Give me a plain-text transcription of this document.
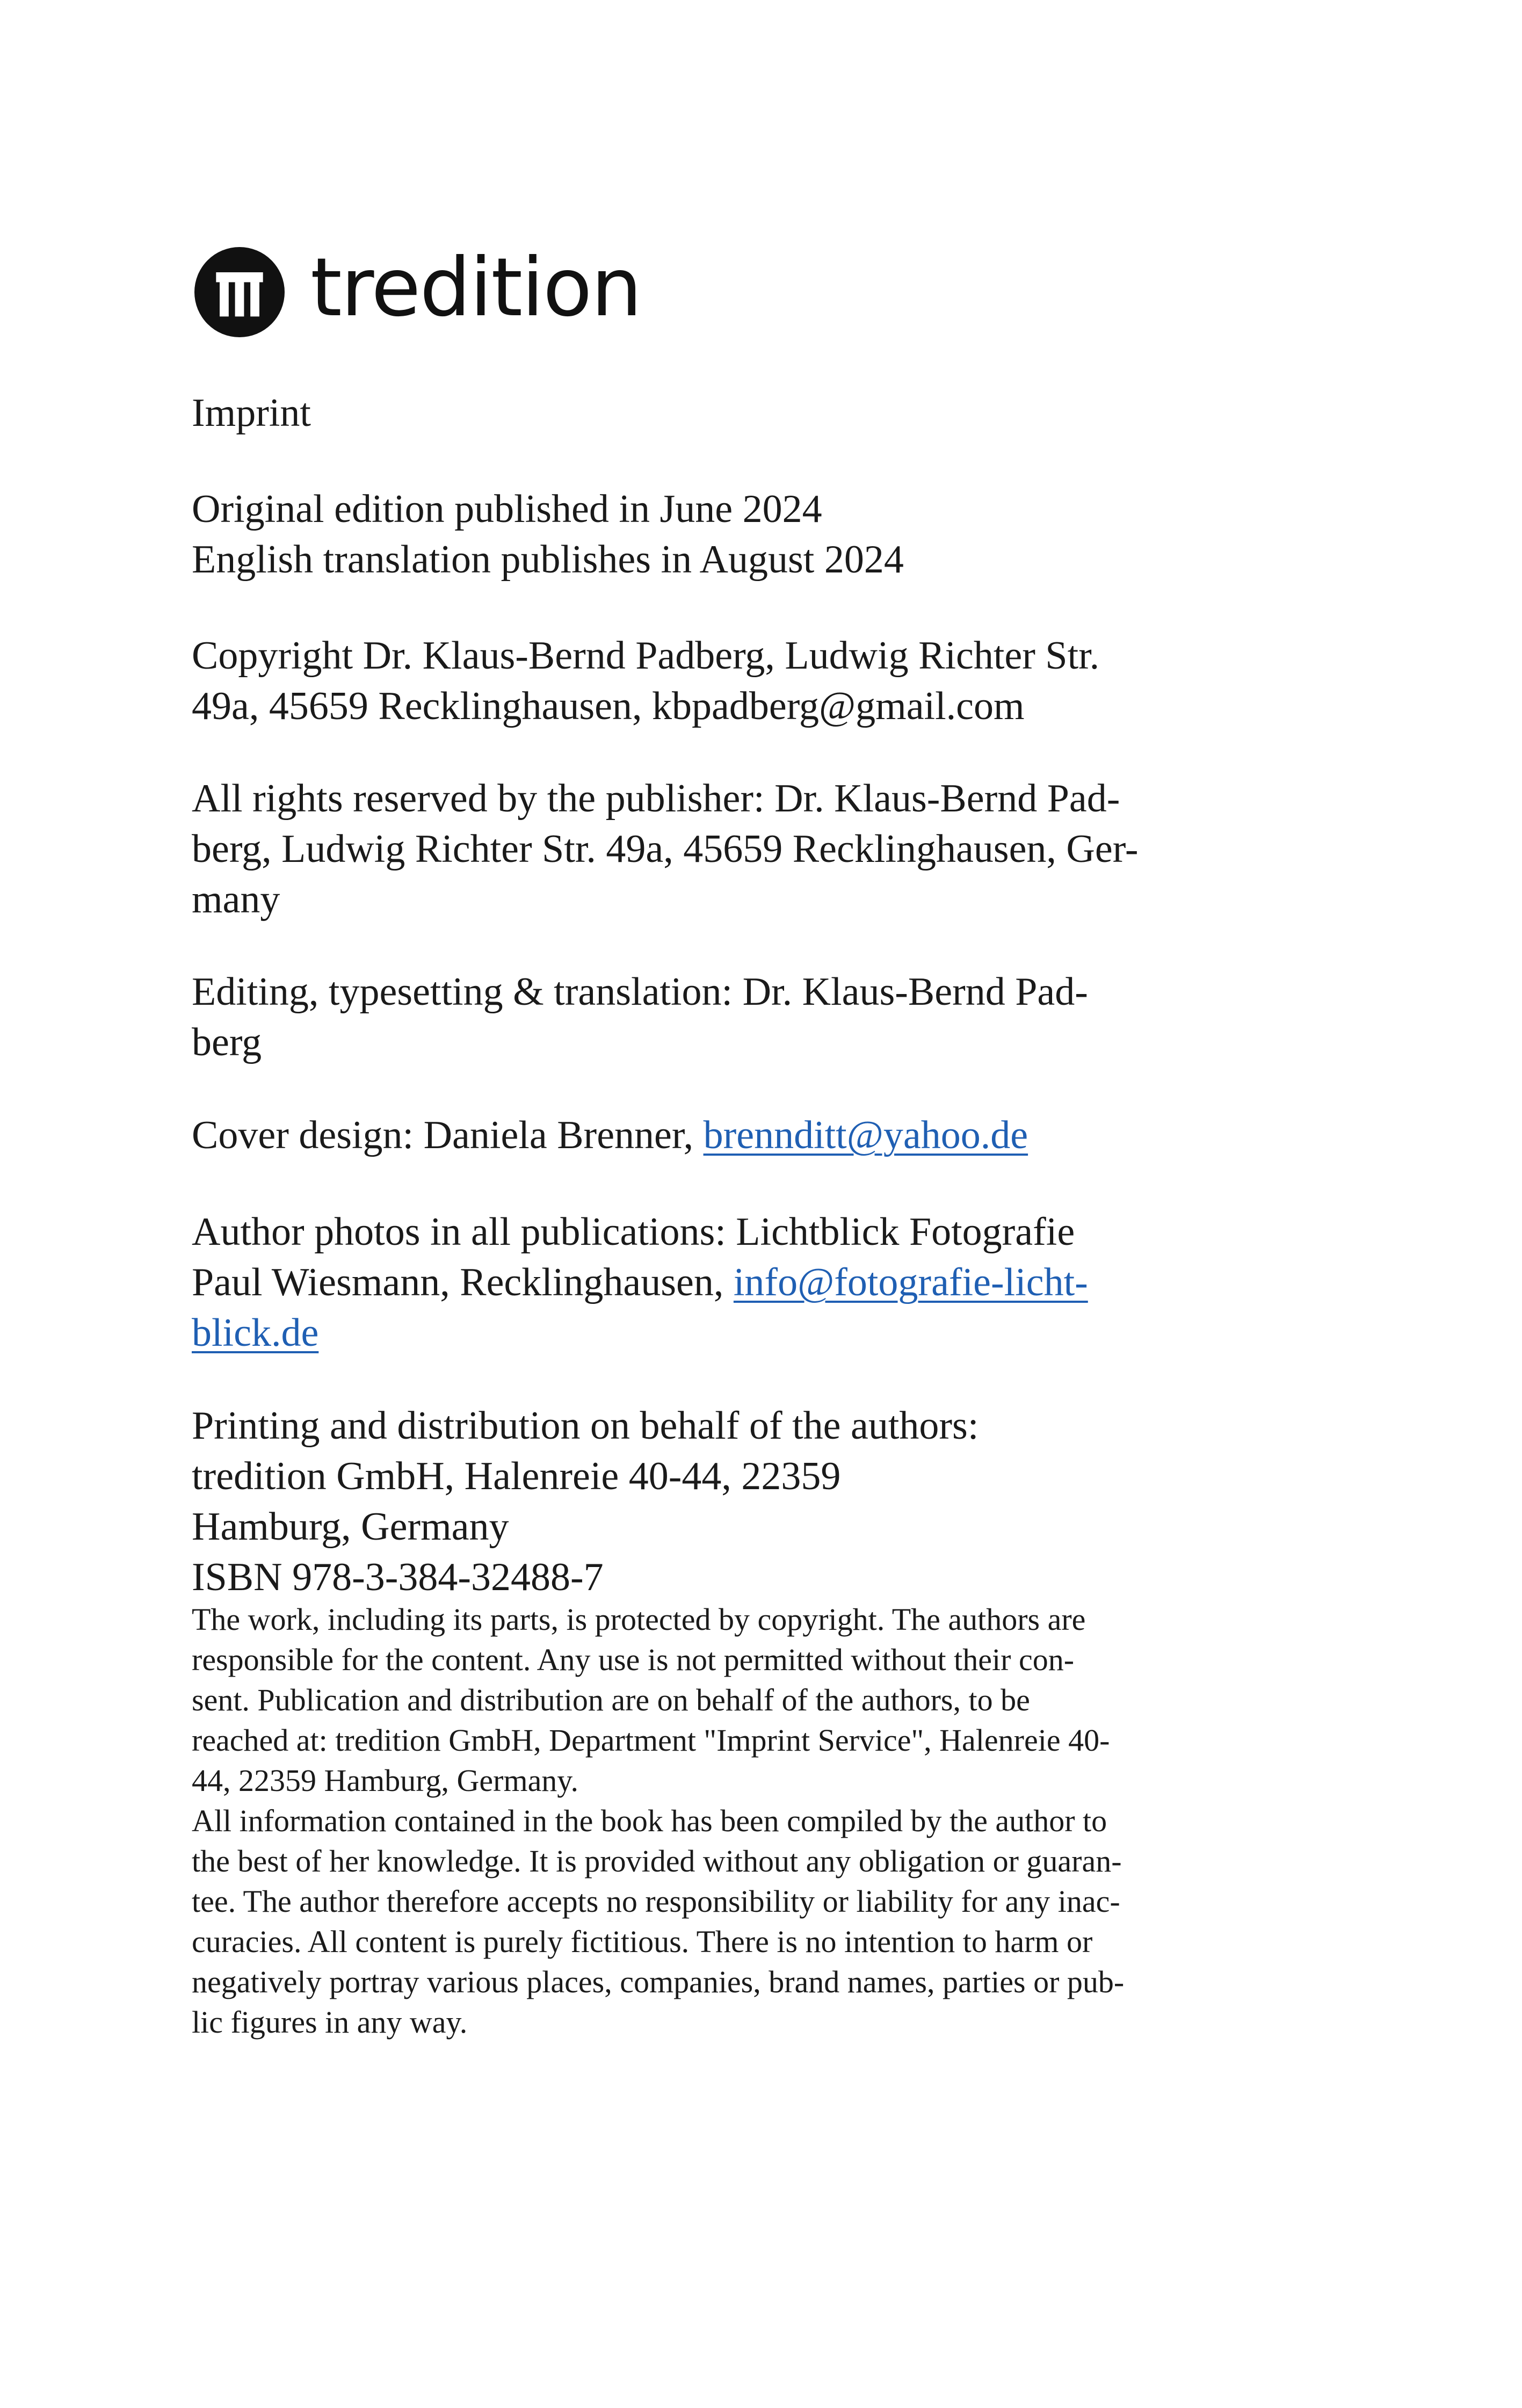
tredition
Imprint
Original edition published in June 2024
English translation publishes in August 2024
Copyright Dr. Klaus-Bernd Padberg, Ludwig Richter Str.
49a, 45659 Recklinghausen, kbpadberg@gmail.com
All rights reserved by the publisher: Dr. Klaus-Bernd Pad-
berg, Ludwig Richter Str. 49a, 45659 Recklinghausen, Ger-
many
Editing, typesetting & translation: Dr. Klaus-Bernd Pad-
berg
Cover design: Daniela Brenner, brennditt@yahoo.de
Author photos in all publications: Lichtblick Fotografie
Paul Wiesmann, Recklinghausen, info@fotografie-licht-
blick.de
Printing and distribution on behalf of the authors:
tredition GmbH, Halenreie 40-44, 22359
Hamburg, Germany
ISBN 978-3-384-32488-7
The work, including its parts, is protected by copyright. The authors are
responsible for the content. Any use is not permitted without their con-
sent. Publication and distribution are on behalf of the authors, to be
reached at: tredition GmbH, Department "Imprint Service", Halenreie 40-
44, 22359 Hamburg, Germany.
All information contained in the book has been compiled by the author to
the best of her knowledge. It is provided without any obligation or guaran-
tee. The author therefore accepts no responsibility or liability for any inac-
curacies. All content is purely fictitious. There is no intention to harm or
negatively portray various places, companies, brand names, parties or pub-
lic figures in any way.
